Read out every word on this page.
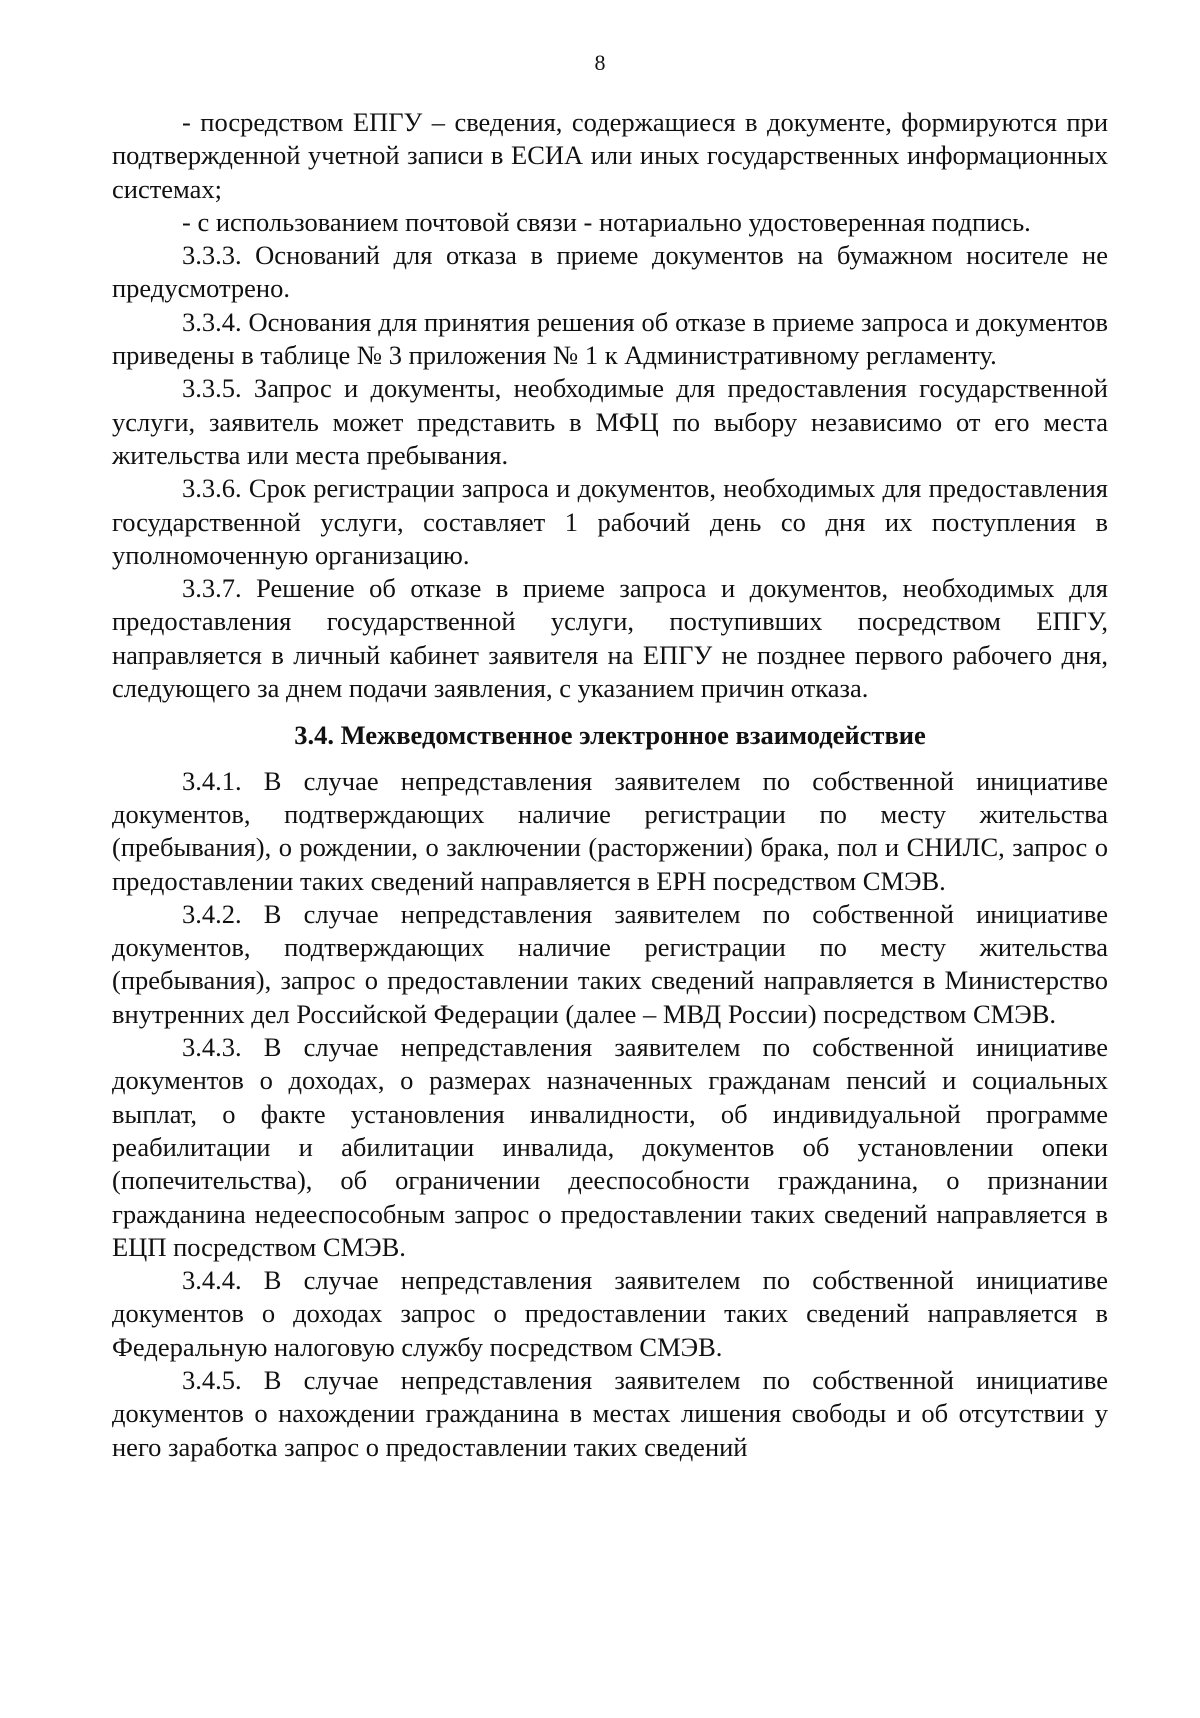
8

- посредством ЕПГУ – сведения, содержащиеся в документе, формируются при подтвержденной учетной записи в ЕСИА или иных государственных информационных системах;

- с использованием почтовой связи - нотариально удостоверенная подпись.

3.3.3. Оснований для отказа в приеме документов на бумажном носителе не предусмотрено.

3.3.4. Основания для принятия решения об отказе в приеме запроса и документов приведены в таблице № 3 приложения № 1 к Административному регламенту.

3.3.5. Запрос и документы, необходимые для предоставления государственной услуги, заявитель может представить в МФЦ по выбору независимо от его места жительства или места пребывания.

3.3.6. Срок регистрации запроса и документов, необходимых для предоставления государственной услуги, составляет 1 рабочий день со дня их поступления в уполномоченную организацию.

3.3.7. Решение об отказе в приеме запроса и документов, необходимых для предоставления государственной услуги, поступивших посредством ЕПГУ, направляется в личный кабинет заявителя на ЕПГУ не позднее первого рабочего дня, следующего за днем подачи заявления, с указанием причин отказа.

3.4. Межведомственное электронное взаимодействие

3.4.1. В случае непредставления заявителем по собственной инициативе документов, подтверждающих наличие регистрации по месту жительства (пребывания), о рождении, о заключении (расторжении) брака, пол и СНИЛС, запрос о предоставлении таких сведений направляется в ЕРН посредством СМЭВ.

3.4.2. В случае непредставления заявителем по собственной инициативе документов, подтверждающих наличие регистрации по месту жительства (пребывания), запрос о предоставлении таких сведений направляется в Министерство внутренних дел Российской Федерации (далее – МВД России) посредством СМЭВ.

3.4.3. В случае непредставления заявителем по собственной инициативе документов о доходах, о размерах назначенных гражданам пенсий и социальных выплат, о факте установления инвалидности, об индивидуальной программе реабилитации и абилитации инвалида, документов об установлении опеки (попечительства), об ограничении дееспособности гражданина, о признании гражданина недееспособным запрос о предоставлении таких сведений направляется в ЕЦП посредством СМЭВ.

3.4.4. В случае непредставления заявителем по собственной инициативе документов о доходах запрос о предоставлении таких сведений направляется в Федеральную налоговую службу посредством СМЭВ.

3.4.5. В случае непредставления заявителем по собственной инициативе документов о нахождении гражданина в местах лишения свободы и об отсутствии у него заработка запрос о предоставлении таких сведений
